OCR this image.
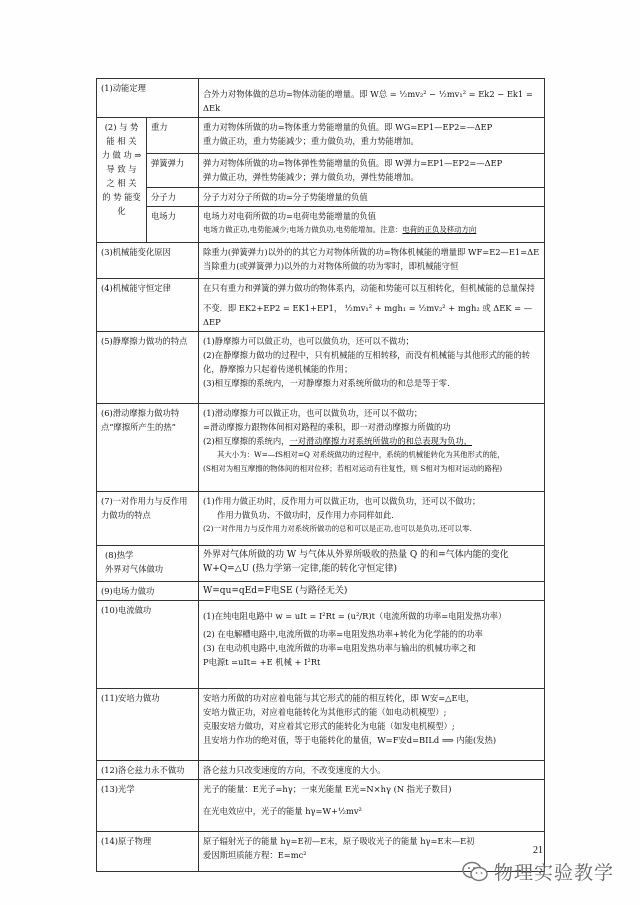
(1)动能定理		合外力对物体做的总功=物体动能的增量。即 W总 = ½mv₂² − ½mv₁² = Ek2 − Ek1 = ΔEk

(2) 与 势 能 相 关 力 做 功 ⇒ 导 致 与 之 相 关 的 势 能变化	重力	重力对物体所做的功=物体重力势能增量的负值。即 WG=EP1—EP2=—ΔEP
重力做正功，重力势能减少；重力做负功，重力势能增加。

	弹簧弹力	弹力对物体所做的功=物体弹性势能增量的负值。即 W弹力=EP1—EP2=—ΔEP
弹力做正功，弹性势能减少；弹力做负功，弹性势能增加。

	分子力	分子力对分子所做的功=分子势能增量的负值

	电场力	电场力对电荷所做的功=电荷电势能增量的负值
电场力做正功,电势能减少;电场力做负功,电势能增加。注意：电荷的正负及移动方向

(3)机械能变化原因		除重力(弹簧弹力)以外的的其它力对物体所做的功=物体机械能的增量即 WF=E2—E1=ΔE
当除重力(或弹簧弹力)以外的力对物体所做的功为零时，即机械能守恒

(4)机械能守恒定律		在只有重力和弹簧的弹力做功的物体系内，动能和势能可以互相转化，但机械能的总量保持
不变．即 EK2+EP2 = EK1+EP1， ½mv₁² + mgh₁ = ½mv₂² + mgh₂ 或 ΔEK = —ΔEP

(5)静摩擦力做功的特点		(1)静摩擦力可以做正功，也可以做负功，还可以不做功；
(2)在静摩擦力做功的过程中，只有机械能的互相转移，而没有机械能与其他形式的能的转化，静摩擦力只起着传递机械能的作用；
(3)相互摩擦的系统内，一对静摩擦力对系统所做功的和总是等于零.

(6)滑动摩擦力做功特点“摩擦所产生的热”		(1)滑动摩擦力可以做正功，也可以做负功，还可以不做功；
=滑动摩擦力跟物体间相对路程的乘积，即一对滑动摩擦力所做的功
(2)相互摩擦的系统内，一对滑动摩擦力对系统所做功的和总表现为负功，
其大小为：W=—fS相对=Q 对系统做功的过程中，系统的机械能转化为其他形式的能，
(S相对为相互摩擦的物体间的相对位移；若相对运动有往复性，则 S相对为相对运动的路程)

(7)一对作用力与反作用力做功的特点		(1)作用力做正功时，反作用力可以做正功，也可以做负功，还可以不做功；
作用力做负功、不做功时，反作用力亦同样如此.
(2)一对作用力与反作用力对系统所做功的总和可以是正功,也可以是负功,还可以零.

(8)热学
外界对气体做功		外界对气体所做的功 W 与气体从外界所吸收的热量 Q 的和=气体内能的变化 W+Q=△U (热力学第一定律,能的转化守恒定律)

(9)电场力做功		W=qu=qEd=F电SE (与路径无关)

(10)电流做功		(1)在纯电阻电路中 w = uIt = I²Rt = (u²/R)t（电流所做的功率=电阻发热功率）
(2) 在电解槽电路中,电流所做的功率=电阻发热功率+转化为化学能的的功率
(3) 在电动机电路中,电流所做的功率=电阻发热功率与输出的机械功率之和
P电源t =uIt= +E 机械 + I²Rt

(11)安培力做功		安培力所做的功对应着电能与其它形式的能的相互转化，即 W安=△E电，
安培力做正功，对应着电能转化为其他形式的能（如电动机模型）;
克服安培力做功，对应着其它形式的能转化为电能（如发电机模型）;
且安培力作功的绝对值，等于电能转化的量值，W=F安d=BILd ⟹ 内能(发热)

(12)洛仑兹力永不做功		洛仑兹力只改变速度的方向，不改变速度的大小。

(13)光学		光子的能量：E光子=hγ；一束光能量 E光=N×hγ (N 指光子数目)
在光电效应中，光子的能量 hγ=W+½mv²

(14)原子物理		原子辐射光子的能量 hγ=E初—E末，原子吸收光子的能量 hγ=E末—E初
爱因斯坦质能方程：E=mc²	21
物理实验教学
